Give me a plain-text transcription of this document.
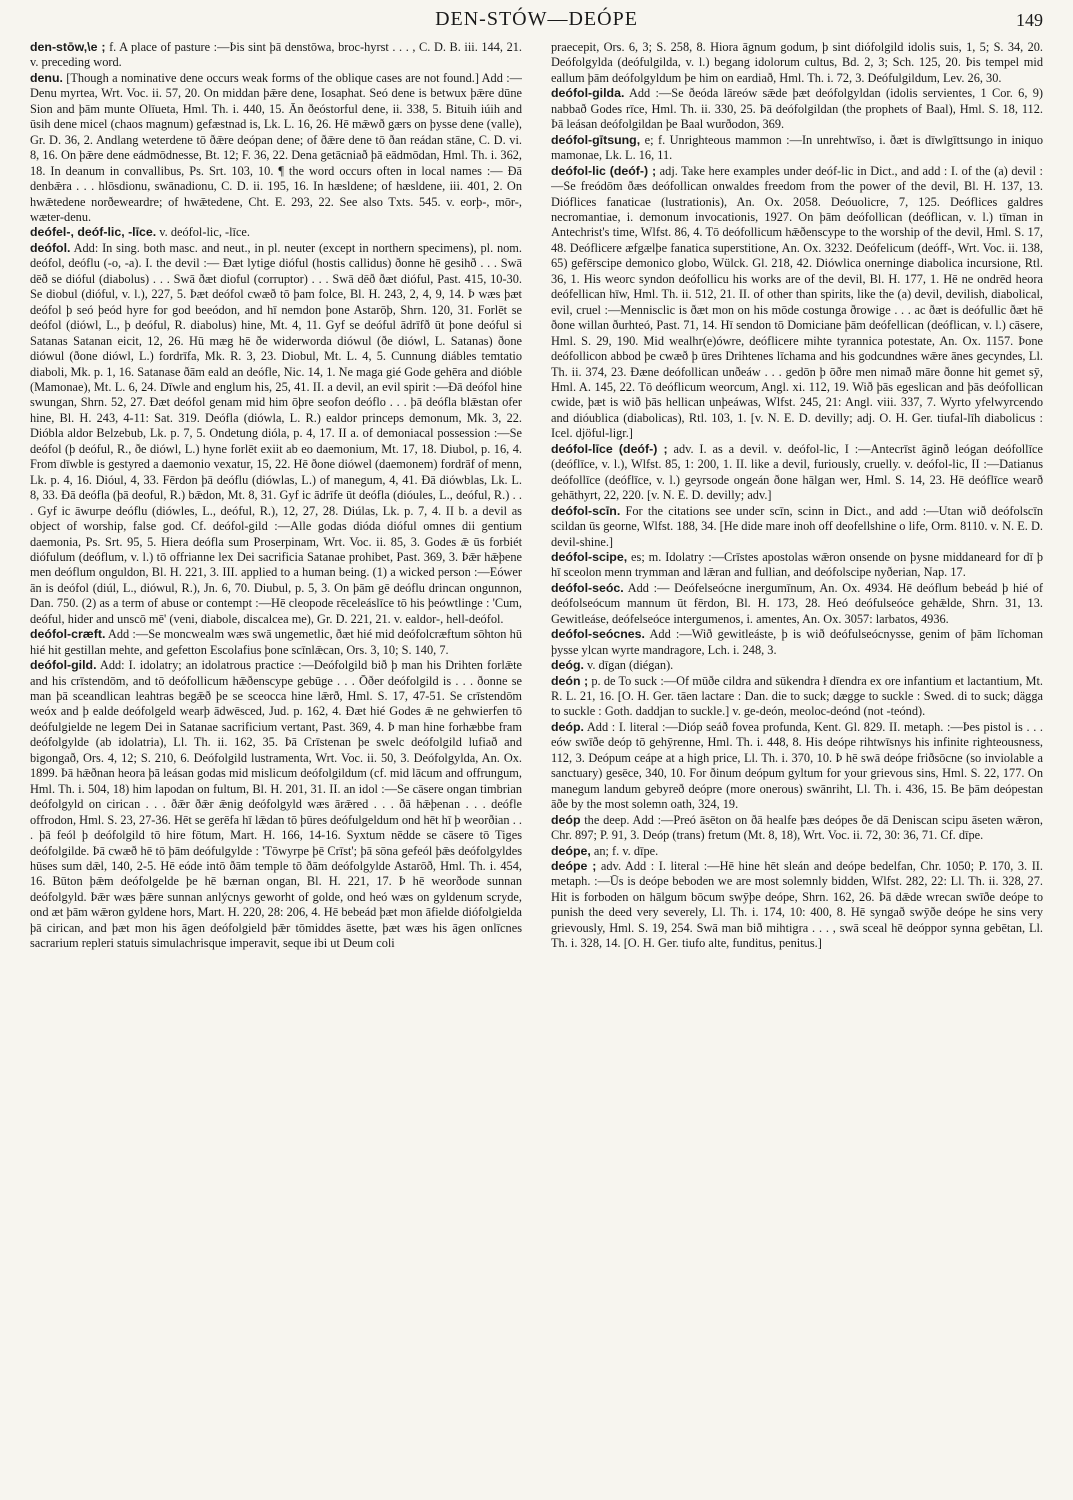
DEN-STÓW—DEÓPE	149

den-stōw,\e ; f. A place of pasture :—Þis sint þā denstōwa, broc-hyrst . . . , C. D. B. iii. 144, 21. v. preceding word.

denu. [Though a nominative dene occurs weak forms of the oblique cases are not found.] Add :—Denu myrtea, Wrt. Voc. ii. 57, 20. On middan þǣre dene, Iosaphat. Seó dene is betwux þǣre dūne Sion and þām munte Olīueta, Hml. Th. i. 440, 15. Ān ðeóstorful dene, ii. 338, 5. Bituih iúih and ūsih dene micel (chaos magnum) gefæstnad is, Lk. L. 16, 26. Hē mǣwð gærs on þysse dene (valle), Gr. D. 36, 2. Andlang weterdene tō ðǣre deópan dene; of ðǣre dene tō ðan reádan stāne, C. D. vi. 8, 16. On þǣre dene eádmōdnesse, Bt. 12; F. 36, 22. Dena getācniað þā eādmōdan, Hml. Th. i. 362, 18. In deanum in convallibus, Ps. Srt. 103, 10. ¶ the word occurs often in local names :— Ðā denbǣra . . . hlōsdionu, swānadionu, C. D. ii. 195, 16. In hæsldene; of hæsldene, iii. 401, 2. On hwǣtedene norðeweardre; of hwǣtedene, Cht. E. 293, 22. See also Txts. 545. v. eorþ-, mōr-, wæter-denu.

deófel-, deóf-lic, -līce. v. deófol-lic, -līce.

deófol. Add: In sing. both masc. and neut., in pl. neuter (except in northern specimens), pl. nom. deófol, deóflu (-o, -a). I. the devil :— Ðæt lytige dióful (hostis callidus) ðonne hē gesihð . . . Swā dēð se dióful (diabolus) . . . Swā ðæt dioful (corruptor) . . . Swā dēð ðæt dióful, Past. 415, 10-30. Se diobul (dióful, v. l.), 227, 5. Þæt deófol cwæð tō þam folce, Bl. H. 243, 2, 4, 9, 14. Þ wæs þæt deófol þ seó þeód hyre for god beeódon, and hī nemdon þone Astarōþ, Shrn. 120, 31. Forlēt se deófol (diówl, L., þ deóful, R. diabolus) hine, Mt. 4, 11. Gyf se deóful ādrīfð ūt þone deóful si Satanas Satanan eicit, 12, 26. Hū mæg hē ðe widerworda diówul (ðe diówl, L. Satanas) ðone diówul (ðone diówl, L.) fordrīfa, Mk. R. 3, 23. Diobul, Mt. L. 4, 5. Cunnung diábles temtatio diaboli, Mk. p. 1, 16. Satanase ðām eald an deófle, Nic. 14, 1. Ne maga gié Gode gehēra and dióble (Mamonae), Mt. L. 6, 24. Dīwle and englum his, 25, 41. II. a devil, an evil spirit :—Ðā deófol hine swungan, Shrn. 52, 27. Ðæt deófol genam mid him ōþre seofon deóflo . . . þā deófla blǣstan ofer hine, Bl. H. 243, 4-11: Sat. 319. Deófla (diówla, L. R.) ealdor princeps demonum, Mk. 3, 22. Dióbla aldor Belzebub, Lk. p. 7, 5. Ondetung dióla, p. 4, 17. II a. of demoniacal possession :—Se deófol (þ deóful, R., ðe diówl, L.) hyne forlēt exiit ab eo daemonium, Mt. 17, 18. Diubol, p. 16, 4. From dīwble is gestyred a daemonio vexatur, 15, 22. Hē ðone diówel (daemonem) fordrāf of menn, Lk. p. 4, 16. Dióul, 4, 33. Fērdon þā deóflu (diówlas, L.) of manegum, 4, 41. Ðā diówblas, Lk. L. 8, 33. Ðā deófla (þā deoful, R.) bǣdon, Mt. 8, 31. Gyf ic ādrīfe ūt deófla (dióules, L., deóful, R.) . . . Gyf ic āwurpe deóflu (diówles, L., deóful, R.), 12, 27, 28. Diúlas, Lk. p. 7, 4. II b. a devil as object of worship, false god. Cf. deófol-gild :—Alle godas dióda dióful omnes dii gentium daemonia, Ps. Srt. 95, 5. Hiera deófla sum Proserpinam, Wrt. Voc. ii. 85, 3. Godes ǣ ūs forbiét diófulum (deóflum, v. l.) tō offrianne lex Dei sacrificia Satanae prohibet, Past. 369, 3. Þǣr hǣþene men deóflum onguldon, Bl. H. 221, 3. III. applied to a human being. (1) a wicked person :—Eówer ān is deófol (diúl, L., diówul, R.), Jn. 6, 70. Diubul, p. 5, 3. On þām gē deóflu drincan ongunnon, Dan. 750. (2) as a term of abuse or contempt :—Hē cleopode rēceleáslīce tō his þeówtlinge : 'Cum, deóful, hider and unscō mē' (veni, diabole, discalcea me), Gr. D. 221, 21. v. ealdor-, hell-deófol.

deófol-cræft. Add :—Se moncwealm wæs swā ungemetlic, ðæt hié mid deófolcræftum sōhton hū hié hit gestillan mehte, and gefetton Escolafius þone scīnlǣcan, Ors. 3, 10; S. 140, 7.

deófol-gild. Add: I. idolatry; an idolatrous practice :—Deófolgild bið þ man his Drihten forlǣte and his crīstendōm, and tō deófollicum hǣðenscype gebūge . . . Ōðer deófolgild is . . . ðonne se man þā sceandlican leahtras begǣð þe se sceocca hine lǣrð, Hml. S. 17, 47-51. Se crīstendōm weóx and þ ealde deófolgeld wearþ ādwēsced, Jud. p. 162, 4. Ðæt hié Godes ǣ ne gehwierfen tō deófulgielde ne legem Dei in Satanae sacrificium vertant, Past. 369, 4. Þ man hine forhæbbe fram deófolgylde (ab idolatria), Ll. Th. ii. 162, 35. Þā Crīstenan þe swelc deófolgild lufiað and bigongað, Ors. 4, 12; S. 210, 6. Deófolgild lustramenta, Wrt. Voc. ii. 50, 3. Deófolgylda, An. Ox. 1899. Þā hǣðnan heora þā leásan godas mid mislicum deófolgildum (cf. mid lācum and offrungum, Hml. Th. i. 504, 18) him lapodan on fultum, Bl. H. 201, 31. II. an idol :—Se cāsere ongan timbrian deófolgyld on cirican . . . ðǣr ðǣr ǣnig deófolgyld wæs ārǣred . . . ðā hǣþenan . . . deófle offrodon, Hml. S. 23, 27-36. Hēt se gerēfa hī lǣdan tō þūres deófulgeldum ond hēt hī þ weorðian . . . þā feól þ deófolgild tō hire fōtum, Mart. H. 166, 14-16. Syxtum nēdde se cāsere tō Tiges deófolgilde. Þā cwæð hē tō þām deófulgylde : 'Tōwyrpe þē Crīst'; þā sōna gefeól þǣs deófolgyldes hūses sum dǣl, 140, 2-5. Hē eóde intō ðām temple tō ðām deófolgylde Astarōð, Hml. Th. i. 454, 16. Būton þǣm deófolgelde þe hē bærnan ongan, Bl. H. 221, 17. Þ hē weorðode sunnan deófolgyld. Þǣr wæs þǣre sunnan anlýcnys geworht of golde, ond heó wæs on gyldenum scryde, ond æt þām wǣron gyldene hors, Mart. H. 220, 28: 206, 4. Hē bebeád þæt mon āfielde diófolgielda þā cirican, and þæt mon his āgen deófolgield þǣr tōmiddes āsette, þæt wæs his āgen onlīcnes sacrarium repleri statuis simulachrisque imperavit, seque ibi ut Deum coli

praecepit, Ors. 6, 3; S. 258, 8. Hiora āgnum godum, þ sint diófolgild idolis suis, 1, 5; S. 34, 20. Deófolgylda (deófulgilda, v. l.) begang idolorum cultus, Bd. 2, 3; Sch. 125, 20. Þis tempel mid eallum þām deófolgyldum þe him on eardiað, Hml. Th. i. 72, 3. Deófulgildum, Lev. 26, 30.

deófol-gilda. Add :—Se ðeóda lāreów sǣde þæt deófolgyldan (idolis servientes, 1 Cor. 6, 9) nabbað Godes rīce, Hml. Th. ii. 330, 25. Þā deófolgildan (the prophets of Baal), Hml. S. 18, 112. Þā leásan deófolgildan þe Baal wurðodon, 369.

deófol-gītsung, e; f. Unrighteous mammon :—In unrehtwīso, i. ðæt is dīwlgīttsungo in iniquo mamonae, Lk. L. 16, 11.

deófol-lic (deóf-) ; adj. Take here examples under deóf-lic in Dict., and add : I. of the (a) devil :—Se freódōm ðæs deófollican onwaldes freedom from the power of the devil, Bl. H. 137, 13. Dióflices fanaticae (lustrationis), An. Ox. 2058. Deóuolicre, 7, 125. Deóflices galdres necromantiae, i. demonum invocationis, 1927. On þām deófollican (deóflican, v. l.) tīman in Antechrist's time, Wlfst. 86, 4. Tō deófollicum hǣðenscype to the worship of the devil, Hml. S. 17, 48. Deóflicere æfgælþe fanatica superstitione, An. Ox. 3232. Deófelicum (deóff-, Wrt. Voc. ii. 138, 65) gefērscipe demonico globo, Wülck. Gl. 218, 42. Diówlica onerninge diabolica incursione, Rtl. 36, 1. His weorc syndon deófollicu his works are of the devil, Bl. H. 177, 1. Hē ne ondrēd heora deófellican hīw, Hml. Th. ii. 512, 21. II. of other than spirits, like the (a) devil, devilish, diabolical, evil, cruel :—Mennisclic is ðæt mon on his mōde costunga ðrowige . . . ac ðæt is deófullic ðæt hē ðone willan ðurhteó, Past. 71, 14. Hī sendon tō Domiciane þām deófellican (deóflican, v. l.) cāsere, Hml. S. 29, 190. Mid wealhr(e)ówre, deóflicere mihte tyrannica potestate, An. Ox. 1157. Þone deófollicon abbod þe cwæð þ ūres Drihtenes līchama and his godcundnes wǣre ānes gecyndes, Ll. Th. ii. 374, 23. Ðæne deófollican unðeáw . . . gedōn þ ōðre men nimað māre ðonne hit gemet sȳ, Hml. A. 145, 22. Tō deóflicum weorcum, Angl. xi. 112, 19. Wið þās egeslican and þās deófollican cwide, þæt is wið þās hellican unþeáwas, Wlfst. 245, 21: Angl. viii. 337, 7. Wyrto yfelwyrcendo and dióublica (diabolicas), Rtl. 103, 1. [v. N. E. D. devilly; adj. O. H. Ger. tiufal-līh diabolicus : Icel. djöful-ligr.]

deófol-līce (deóf-) ; adv. I. as a devil. v. deófol-lic, I :—Antecrīst āginð leógan deófollīce (deóflīce, v. l.), Wlfst. 85, 1: 200, 1. II. like a devil, furiously, cruelly. v. deófol-lic, II :—Datianus deófollīce (deóflīce, v. l.) geyrsode ongeán ðone hālgan wer, Hml. S. 14, 23. Hē deóflīce wearð gehāthyrt, 22, 220. [v. N. E. D. devilly; adv.]

deófol-scīn. For the citations see under scīn, scinn in Dict., and add :—Utan wið deófolscīn scildan ūs georne, Wlfst. 188, 34. [He dide mare inoh off deofellshine o life, Orm. 8110. v. N. E. D. devil-shine.]

deófol-scipe, es; m. Idolatry :—Crīstes apostolas wǣron onsende on þysne middaneard for dī þ hī sceolon menn trymman and lǣran and fullian, and deófolscipe nyðerian, Nap. 17.

deófol-seóc. Add :— Deófelseócne inergumīnum, An. Ox. 4934. Hē deóflum bebeád þ hié of deófolseócum mannum ūt fērdon, Bl. H. 173, 28. Heó deófulseóce gehǣlde, Shrn. 31, 13. Gewitleáse, deófelseóce intergumenos, i. amentes, An. Ox. 3057: larbatos, 4936.

deófol-seócnes. Add :—Wið gewitleáste, þ is wið deófulseócnysse, genim of þām līchoman þysse ylcan wyrte mandragore, Lch. i. 248, 3.

deóg. v. dīgan (diégan).

deón ; p. de To suck :—Of mūðe cildra and sūkendra ł dīendra ex ore infantium et lactantium, Mt. R. L. 21, 16. [O. H. Ger. tāen lactare : Dan. die to suck; dægge to suckle : Swed. di to suck; dägga to suckle : Goth. daddjan to suckle.] v. ge-deón, meoloc-deónd (not -teónd).

deóp. Add : I. literal :—Dióp seáð fovea profunda, Kent. Gl. 829. II. metaph. :—Þes pistol is . . . eów swīðe deóp tō gehȳrenne, Hml. Th. i. 448, 8. His deópe rihtwīsnys his infinite righteousness, 112, 3. Deópum ceápe at a high price, Ll. Th. i. 370, 10. Þ hē swā deópe friðsōcne (so inviolable a sanctuary) gesēce, 340, 10. For ðinum deópum gyltum for your grievous sins, Hml. S. 22, 177. On manegum landum gebyreð deópre (more onerous) swānriht, Ll. Th. i. 436, 15. Be þām deópestan āðe by the most solemn oath, 324, 19.

deóp the deep. Add :—Preó āsēton on ðā healfe þæs deópes ðe dā Deniscan scipu āseten wǣron, Chr. 897; P. 91, 3. Deóp (trans) fretum (Mt. 8, 18), Wrt. Voc. ii. 72, 30: 36, 71. Cf. dīpe.

deópe, an; f. v. dīpe.

deópe ; adv. Add : I. literal :—Hē hine hēt sleán and deópe bedelfan, Chr. 1050; P. 170, 3. II. metaph. :—Ūs is deópe beboden we are most solemnly bidden, Wlfst. 282, 22: Ll. Th. ii. 328, 27. Hit is forboden on hālgum bōcum swȳþe deópe, Shrn. 162, 26. Þā dǣde wrecan swīðe deópe to punish the deed very severely, Ll. Th. i. 174, 10: 400, 8. Hē syngað swȳðe deópe he sins very grievously, Hml. S. 19, 254. Swā man bið mihtigra . . . , swā sceal hē deóppor synna gebētan, Ll. Th. i. 328, 14. [O. H. Ger. tiufo alte, funditus, penitus.]
